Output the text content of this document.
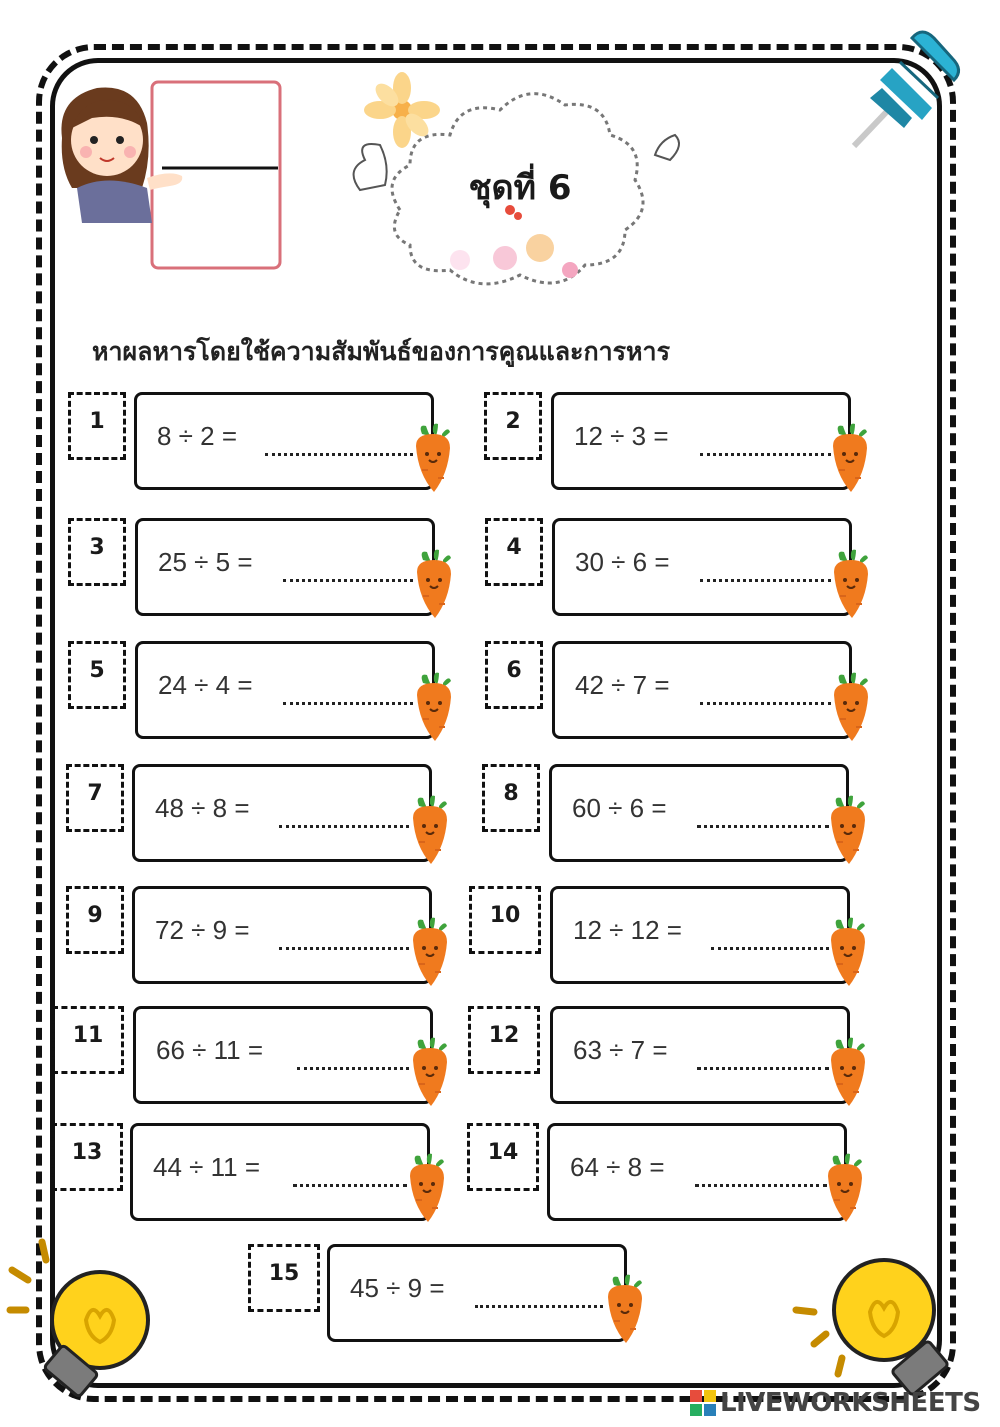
ชุดที่ 6
หาผลหารโดยใช้ความสัมพันธ์ของการคูณและการหาร
1	8 ÷ 2 =	2	12 ÷ 3 =
3	25 ÷ 5 =	4	30 ÷ 6 =
5	24 ÷ 4 =	6	42 ÷ 7 =
7	48 ÷ 8 =	8	60 ÷ 6 =
9	72 ÷ 9 =	10	12 ÷ 12 =
11	66 ÷ 11 =	12	63 ÷ 7 =
13	44 ÷ 11 =	14	64 ÷ 8 =
15	45 ÷ 9 =
LIVEWORKSHEETS
